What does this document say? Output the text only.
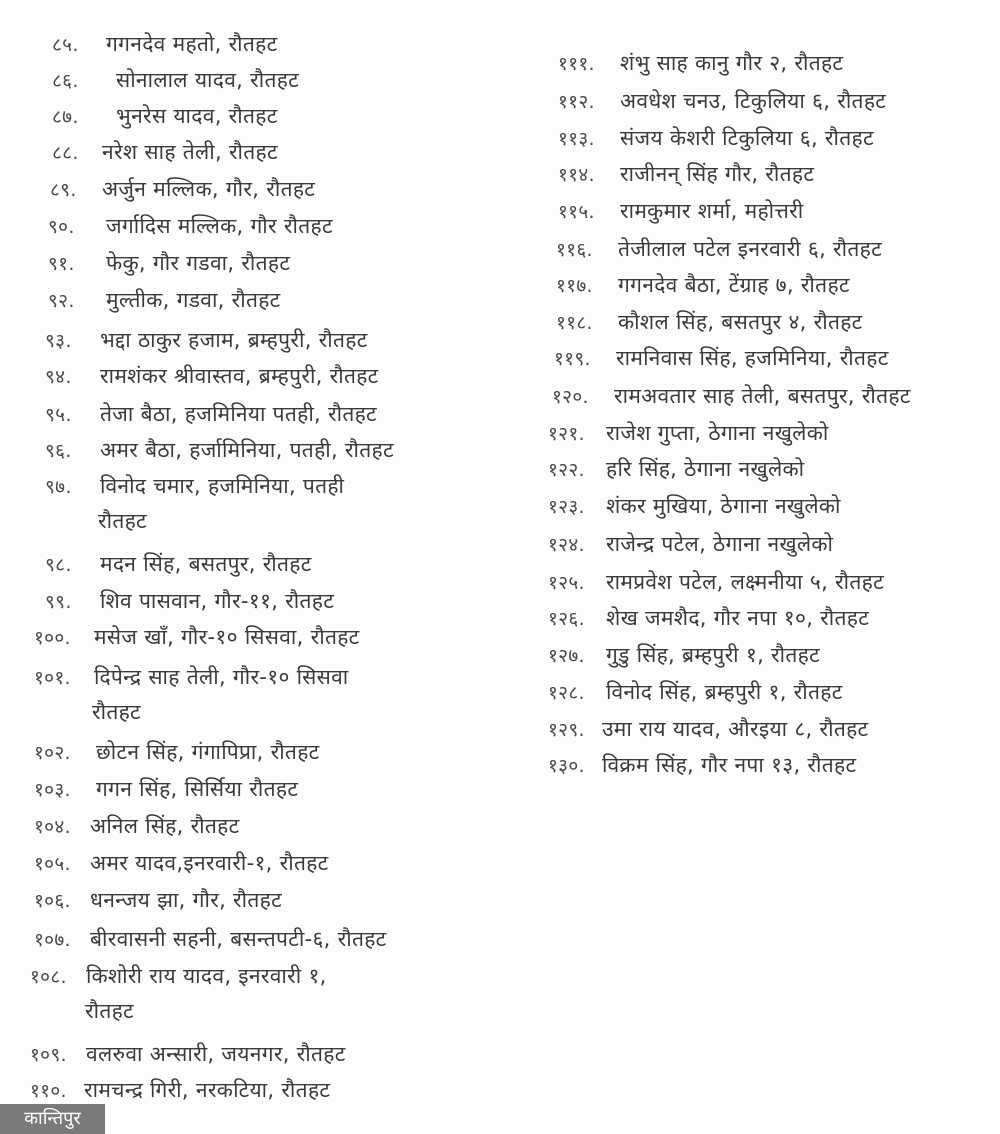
८५.	गगनदेव महतो, रौतहट
८६.	सोनालाल यादव, रौतहट
८७.	भुनरेस यादव, रौतहट
८८.	नरेश साह तेली, रौतहट
८९.	अर्जुन मल्लिक, गौर, रौतहट
९०.	जर्गादिस मल्लिक, गौर रौतहट
९१.	फेकु, गौर गडवा, रौतहट
९२.	मुल्तीक, गडवा, रौतहट
९३.	भद्दा ठाकुर हजाम, ब्रम्हपुरी, रौतहट
९४.	रामशंकर श्रीवास्तव, ब्रम्हपुरी, रौतहट
९५.	तेजा बैठा, हजमिनिया पतही, रौतहट
९६.	अमर बैठा, हर्जामिनिया, पतही, रौतहट
९७.	विनोद चमार, हजमिनिया, पतही
रौतहट
९८.	मदन सिंह, बसतपुर, रौतहट
९९.	शिव पासवान, गौर-११, रौतहट
१००.	मसेज खाँ, गौर-१० सिसवा, रौतहट
१०१.	दिपेन्द्र साह तेली, गौर-१० सिसवा
रौतहट
१०२.	छोटन सिंह, गंगापिप्रा, रौतहट
१०३.	गगन सिंह, सिर्सिया रौतहट
१०४. अनिल सिंह, रौतहट
१०५. अमर यादव,इनरवारी-१, रौतहट
१०६. धनन्जय झा, गौर, रौतहट
१०७. बीरवासनी सहनी, बसन्तपटी-६, रौतहट
१०८. किशोरी राय यादव, इनरवारी १,
रौतहट
१०९. वलरुवा अन्सारी, जयनगर, रौतहट
११०. रामचन्द्र गिरी, नरकटिया, रौतहट
१११.	शंभु साह कानु गौर २, रौतहट
११२.	अवधेश चनउ, टिकुलिया ६, रौतहट
११३.	संजय केशरी टिकुलिया ६, रौतहट
११४.	राजीनन् सिंह गौर, रौतहट
११५.	रामकुमार शर्मा, महोत्तरी
११६.	तेजीलाल पटेल इनरवारी ६, रौतहट
११७.	गगनदेव बैठा, टेंग्राह ७, रौतहट
११८.	कौशल सिंह, बसतपुर ४, रौतहट
११९.	रामनिवास सिंह, हजमिनिया, रौतहट
१२०.	रामअवतार साह तेली, बसतपुर, रौतहट
१२१.	राजेश गुप्ता, ठेगाना नखुलेको
१२२.	हरि सिंह, ठेगाना नखुलेको
१२३.	शंकर मुखिया, ठेगाना नखुलेको
१२४.	राजेन्द्र पटेल, ठेगाना नखुलेको
१२५.	रामप्रवेश पटेल, लक्ष्मनीया ५, रौतहट
१२६.	शेख जमशैद, गौर नपा १०, रौतहट
१२७.	गुडु सिंह, ब्रम्हपुरी १, रौतहट
१२८.	विनोद सिंह, ब्रम्हपुरी १, रौतहट
१२९. उमा राय यादव, औरइया ८, रौतहट
१३०. विक्रम सिंह, गौर नपा १३, रौतहट
कान्तिपुर
